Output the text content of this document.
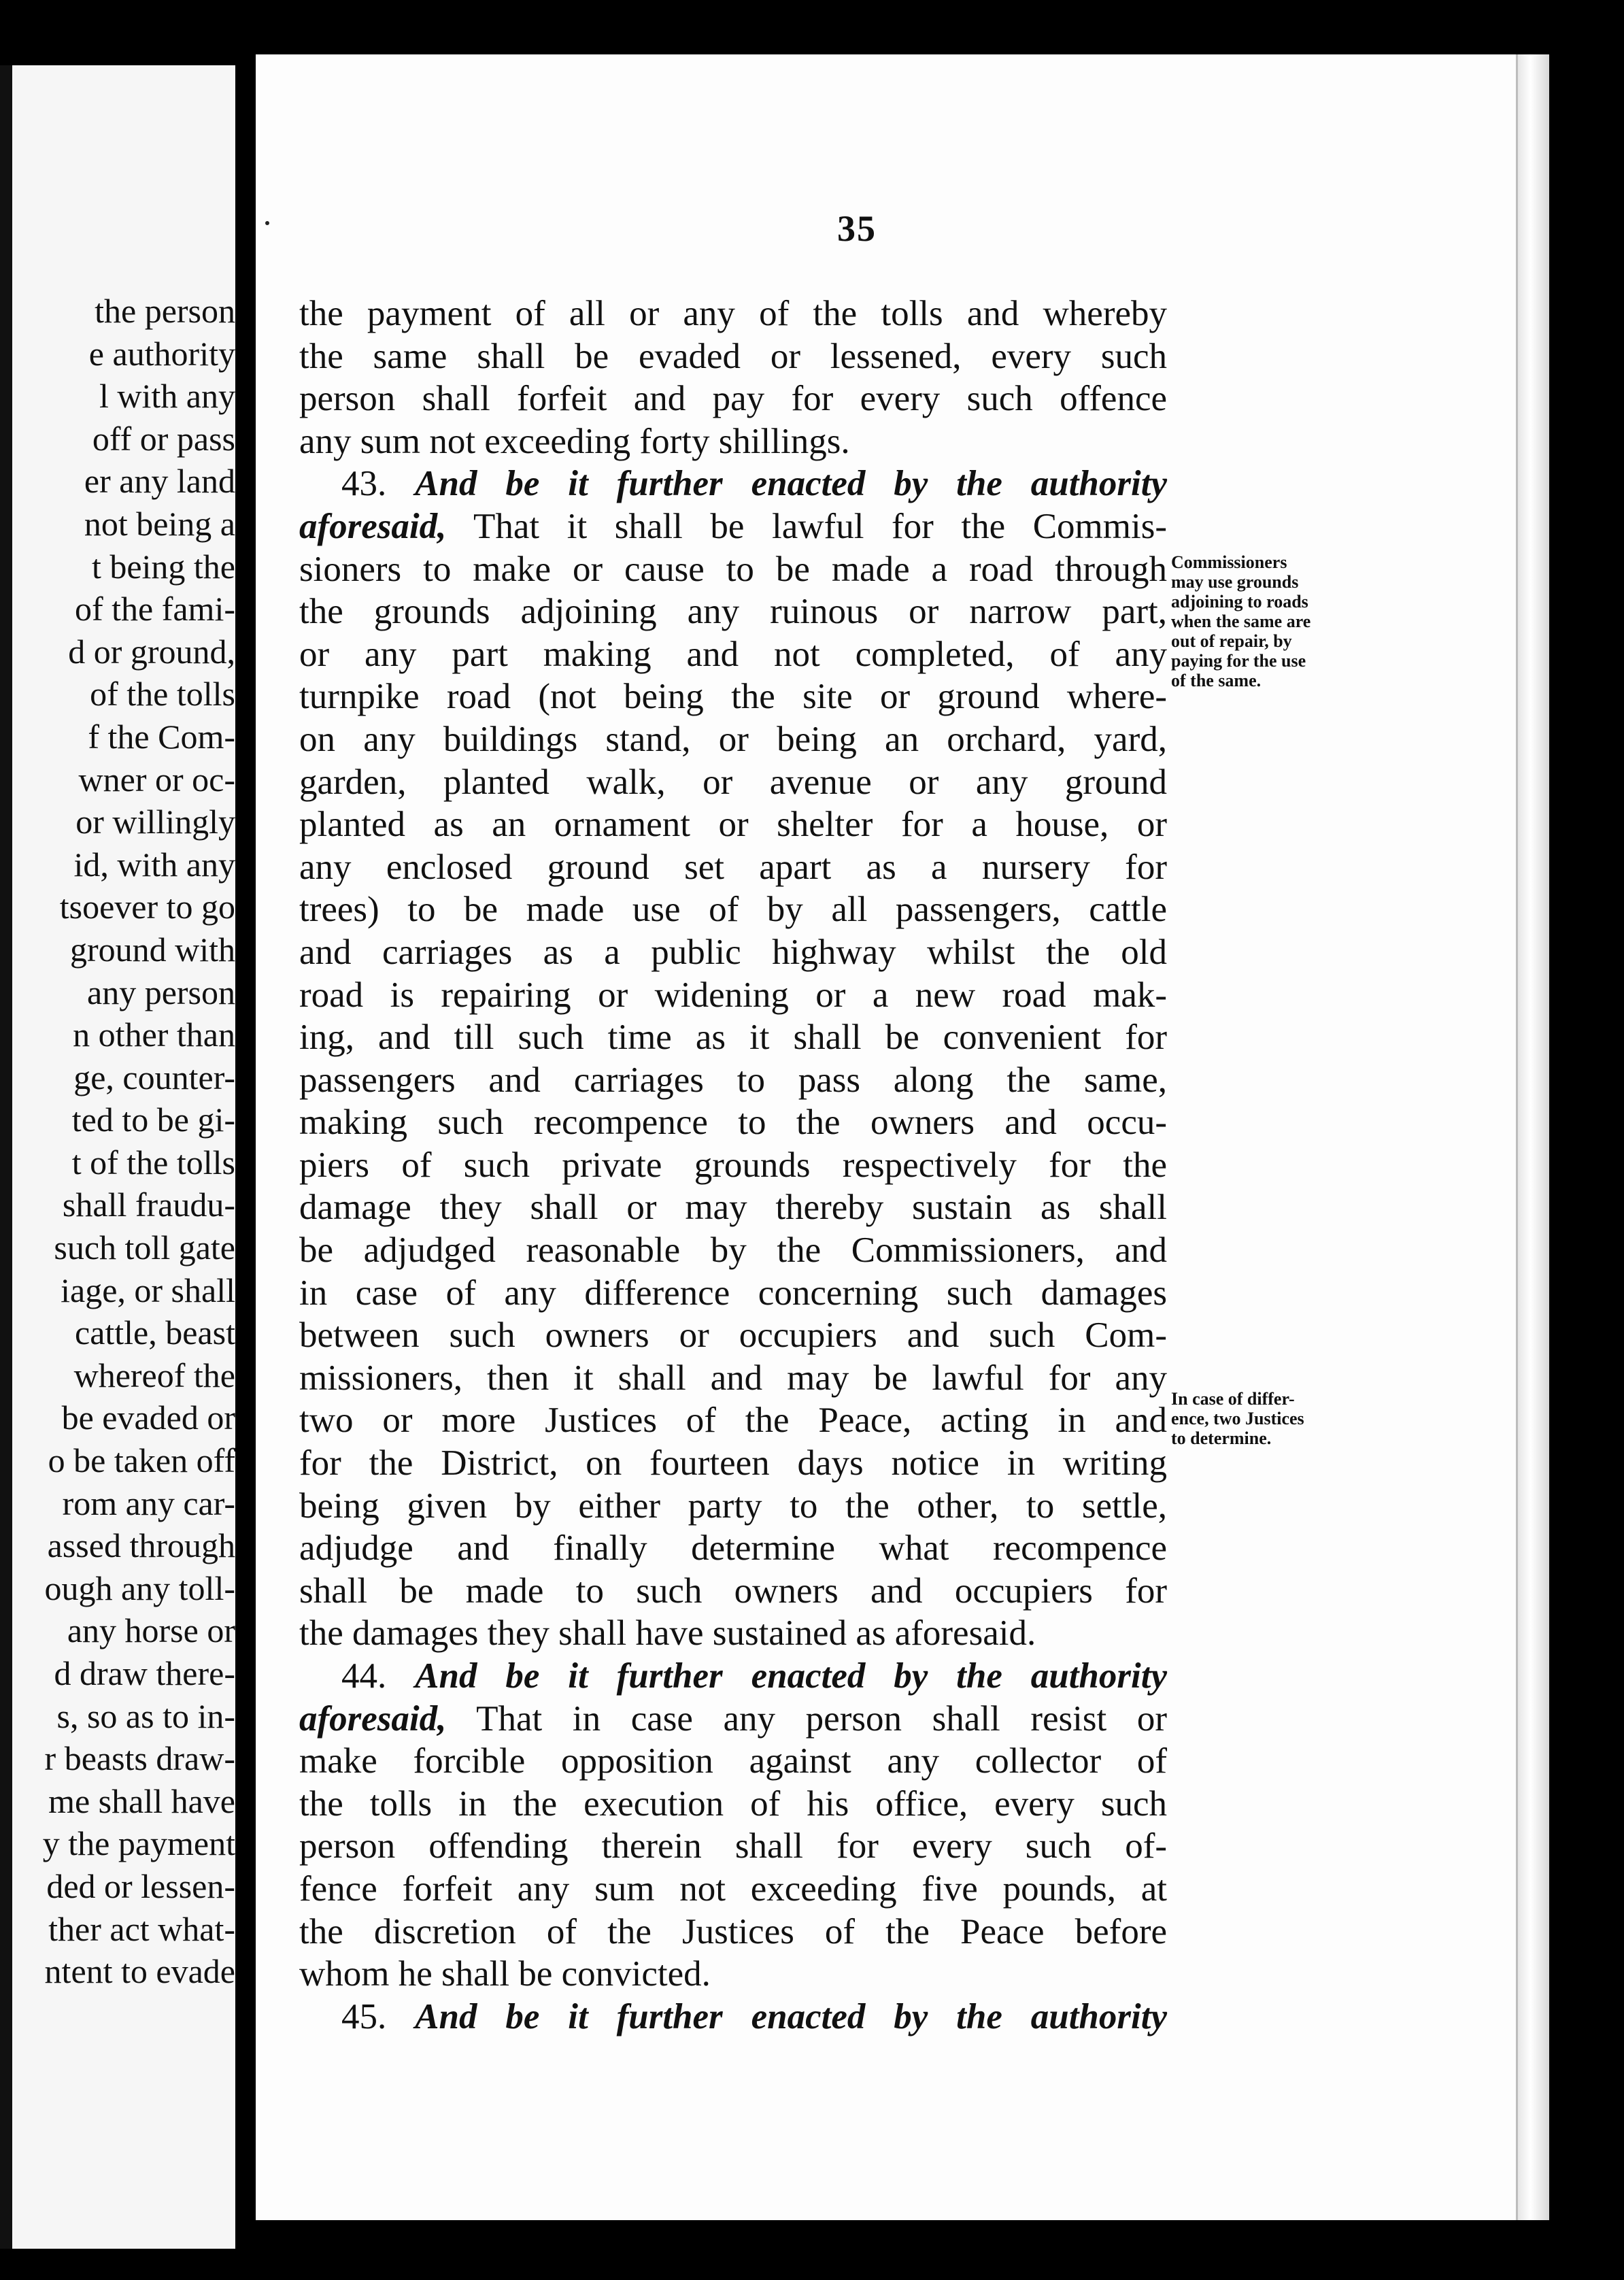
the person
e authority
l with any
off or pass
er any land
not being a
t being the
of the fami-
d or ground,
of the tolls
f the Com-
wner or oc-
or willingly
id, with any
tsoever to go
ground with
any person
n other than
ge, counter-
ted to be gi-
t of the tolls
shall fraudu-
such toll gate
iage, or shall
cattle, beast
whereof the
be evaded or
o be taken off
rom any car-
assed through
ough any toll-
any horse or
d draw there-
s, so as to in-
r beasts draw-
me shall have
y the payment
ded or lessen-
ther act what-
ntent to evade
35
the payment of all or any of the tolls and whereby
the same shall be evaded or lessened, every such
person shall forfeit and pay for every such offence
any sum not exceeding forty shillings.
43. And be it further enacted by the authority
aforesaid, That it shall be lawful for the Commis-
sioners to make or cause to be made a road through
the grounds adjoining any ruinous or narrow part,
or any part making and not completed, of any
turnpike road (not being the site or ground where-
on any buildings stand, or being an orchard, yard,
garden, planted walk, or avenue or any ground
planted as an ornament or shelter for a house, or
any enclosed ground set apart as a nursery for
trees) to be made use of by all passengers, cattle
and carriages as a public highway whilst the old
road is repairing or widening or a new road mak-
ing, and till such time as it shall be convenient for
passengers and carriages to pass along the same,
making such recompence to the owners and occu-
piers of such private grounds respectively for the
damage they shall or may thereby sustain as shall
be adjudged reasonable by the Commissioners, and
in case of any difference concerning such damages
between such owners or occupiers and such Com-
missioners, then it shall and may be lawful for any
two or more Justices of the Peace, acting in and
for the District, on fourteen days notice in writing
being given by either party to the other, to settle,
adjudge and finally determine what recompence
shall be made to such owners and occupiers for
the damages they shall have sustained as aforesaid.
44. And be it further enacted by the authority
aforesaid, That in case any person shall resist or
make forcible opposition against any collector of
the tolls in the execution of his office, every such
person offending therein shall for every such of-
fence forfeit any sum not exceeding five pounds, at
the discretion of the Justices of the Peace before
whom he shall be convicted.
45. And be it further enacted by the authority
Commissioners
may use grounds
adjoining to roads
when the same are
out of repair, by
paying for the use
of the same.
In case of differ-
ence, two Justices
to determine.
